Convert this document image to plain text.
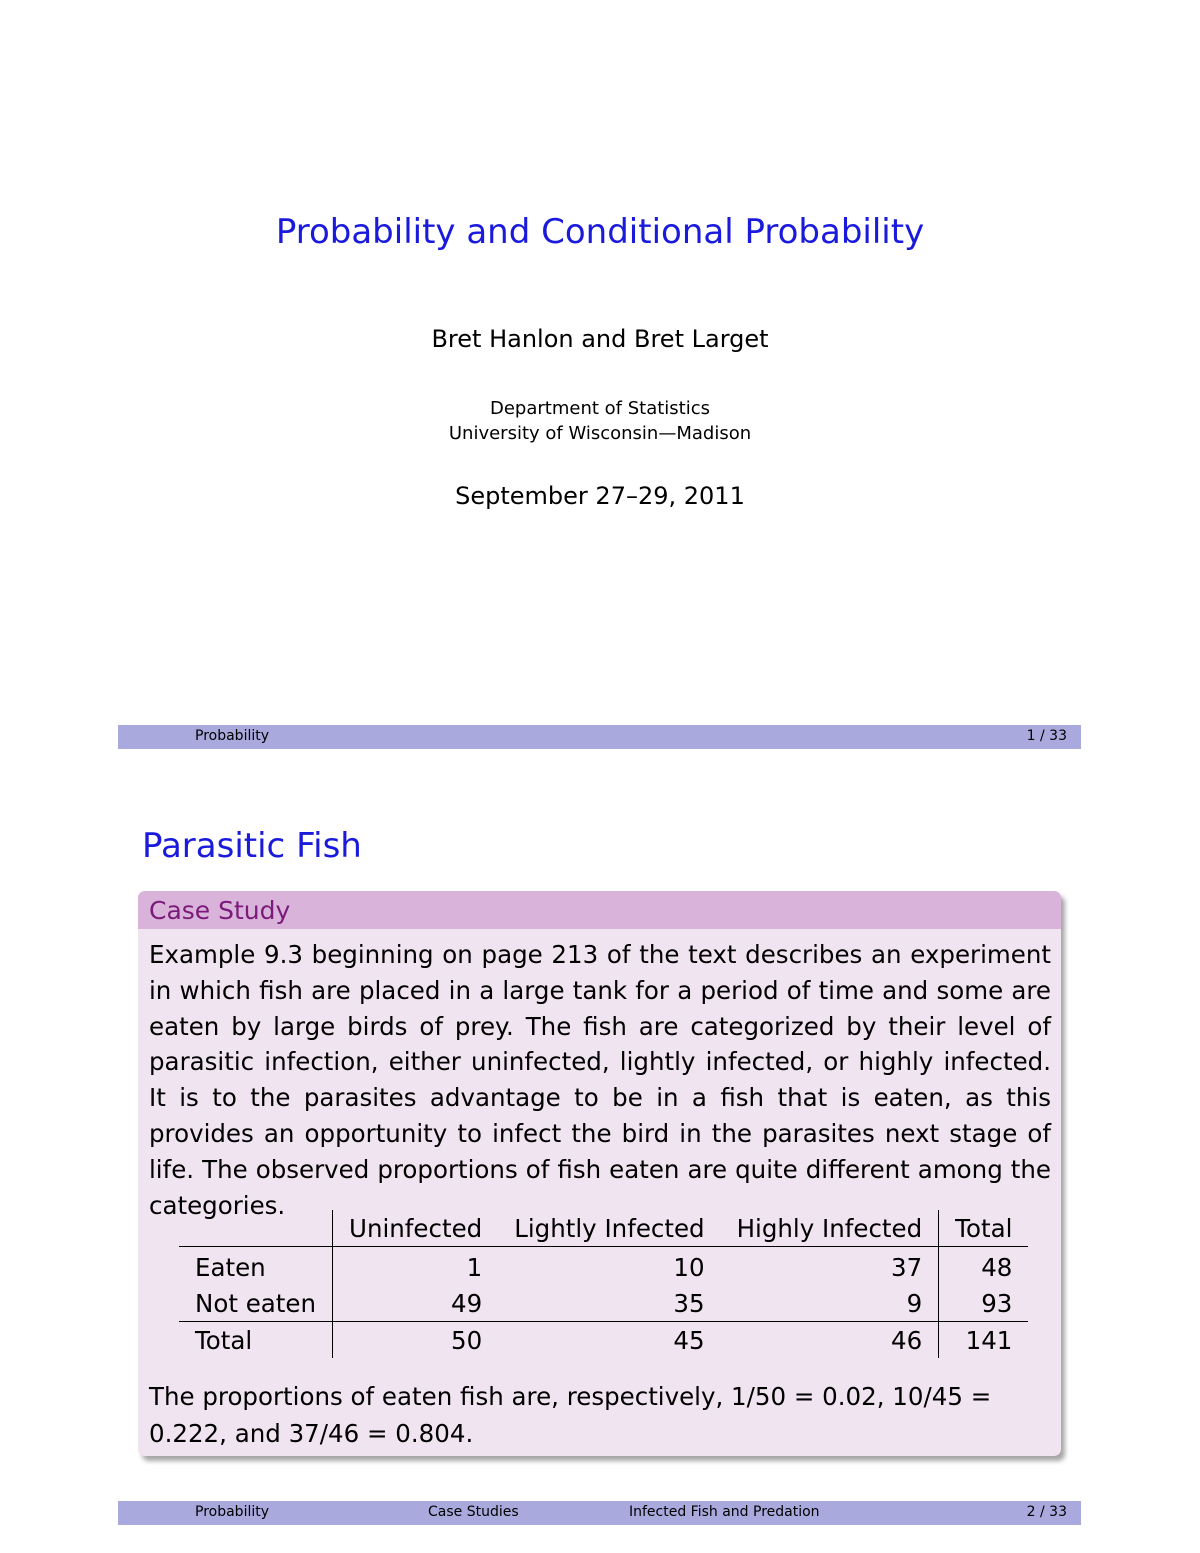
Probability and Conditional Probability
Bret Hanlon and Bret Larget
Department of Statistics
University of Wisconsin—Madison
September 27–29, 2011
Probability	1 / 33
Parasitic Fish
Case Study
Example 9.3 beginning on page 213 of the text describes an experiment in which fish are placed in a large tank for a period of time and some are eaten by large birds of prey. The fish are categorized by their level of parasitic infection, either uninfected, lightly infected, or highly infected. It is to the parasites advantage to be in a fish that is eaten, as this provides an opportunity to infect the bird in the parasites next stage of life. The observed proportions of fish eaten are quite different among the categories.
	Uninfected	Lightly Infected	Highly Infected	Total
Eaten	1	10	37	48
Not eaten	49	35	9	93
Total	50	45	46	141
The proportions of eaten fish are, respectively, 1/50 = 0.02, 10/45 = 0.222, and 37/46 = 0.804.
Probability	Case Studies	Infected Fish and Predation	2 / 33
